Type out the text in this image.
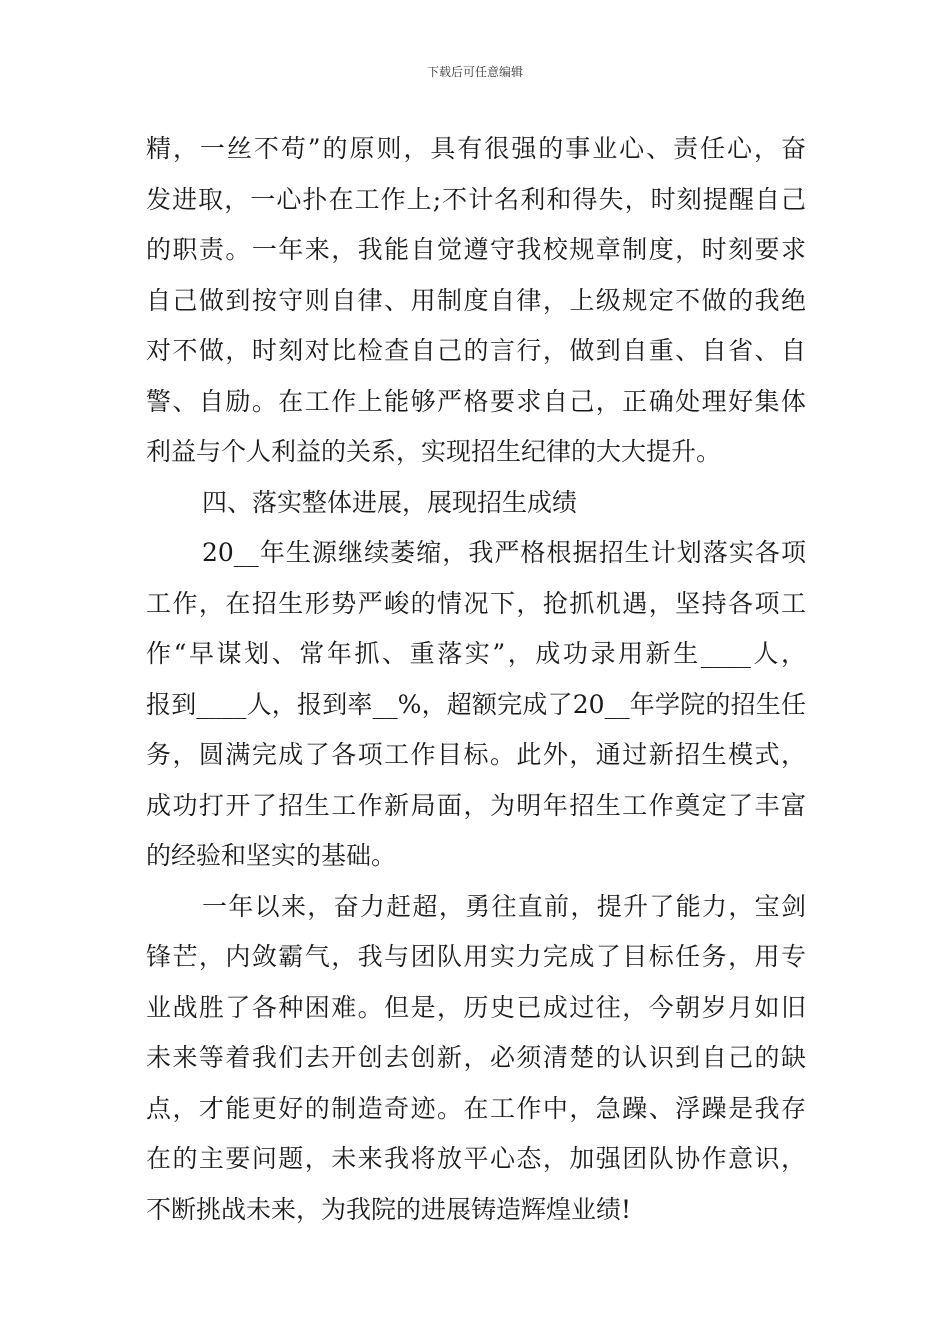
下载后可任意编辑
精，一丝不苟”的原则，具有很强的事业心、责任心，奋
发进取，一心扑在工作上;不计名利和得失，时刻提醒自己
的职责。一年来，我能自觉遵守我校规章制度，时刻要求
自己做到按守则自律、用制度自律，上级规定不做的我绝
对不做，时刻对比检查自己的言行，做到自重、自省、自
警、自励。在工作上能够严格要求自己，正确处理好集体
利益与个人利益的关系，实现招生纪律的大大提升。
四、落实整体进展，展现招生成绩
20__年生源继续萎缩，我严格根据招生计划落实各项
工作，在招生形势严峻的情况下，抢抓机遇，坚持各项工
作“早谋划、常年抓、重落实”，成功录用新生____人，
报到____人，报到率__%，超额完成了20__年学院的招生任
务，圆满完成了各项工作目标。此外，通过新招生模式，
成功打开了招生工作新局面，为明年招生工作奠定了丰富
的经验和坚实的基础。
一年以来，奋力赶超，勇往直前，提升了能力，宝剑
锋芒，内敛霸气，我与团队用实力完成了目标任务，用专
业战胜了各种困难。但是，历史已成过往，今朝岁月如旧
未来等着我们去开创去创新，必须清楚的认识到自己的缺
点，才能更好的制造奇迹。在工作中，急躁、浮躁是我存
在的主要问题，未来我将放平心态，加强团队协作意识，
不断挑战未来，为我院的进展铸造辉煌业绩!
